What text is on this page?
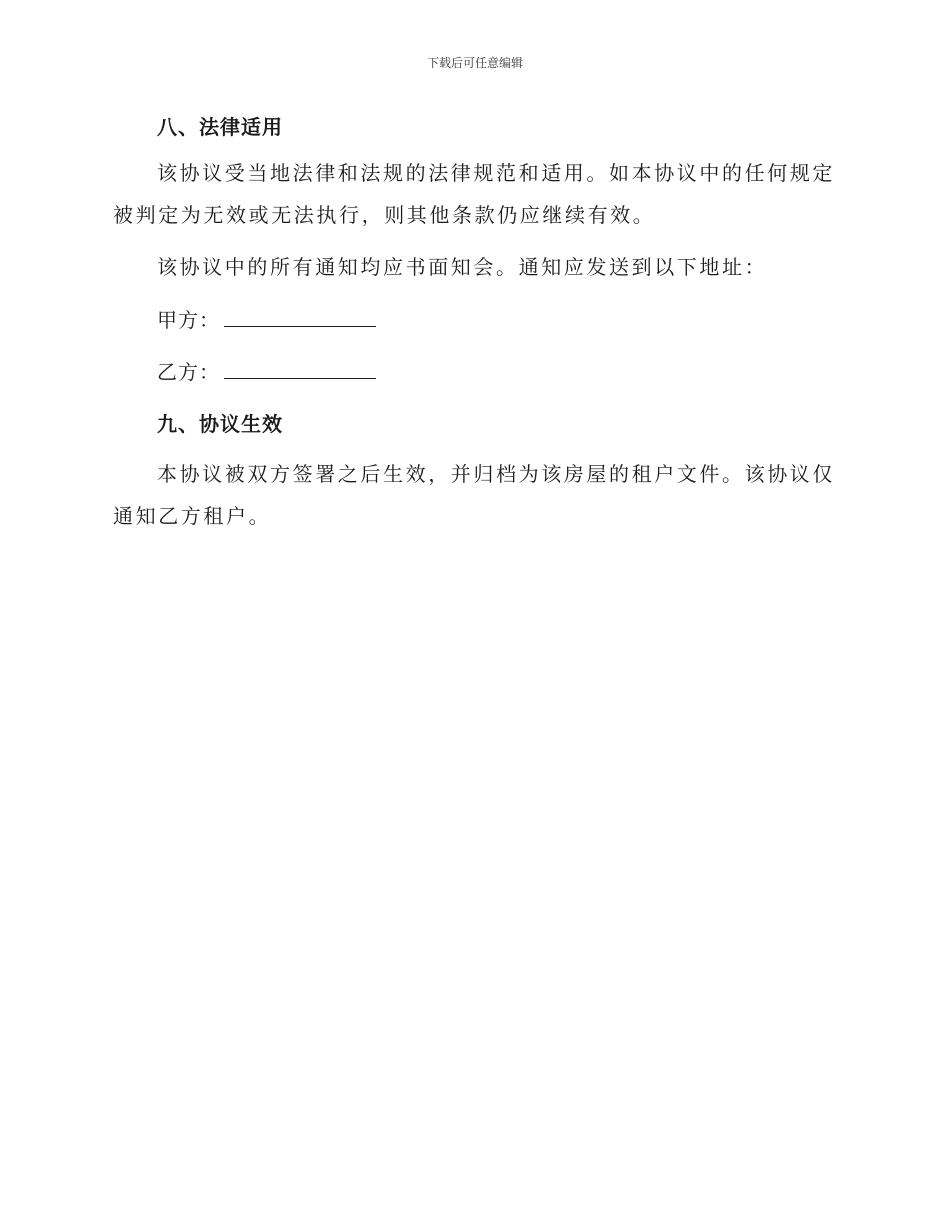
下载后可任意编辑
八、法律适用

该协议受当地法律和法规的法律规范和适用。如本协议中的任何规定被判定为无效或无法执行，则其他条款仍应继续有效。

该协议中的所有通知均应书面知会。通知应发送到以下地址：

甲方：

乙方：

九、协议生效

本协议被双方签署之后生效，并归档为该房屋的租户文件。该协议仅通知乙方租户。
